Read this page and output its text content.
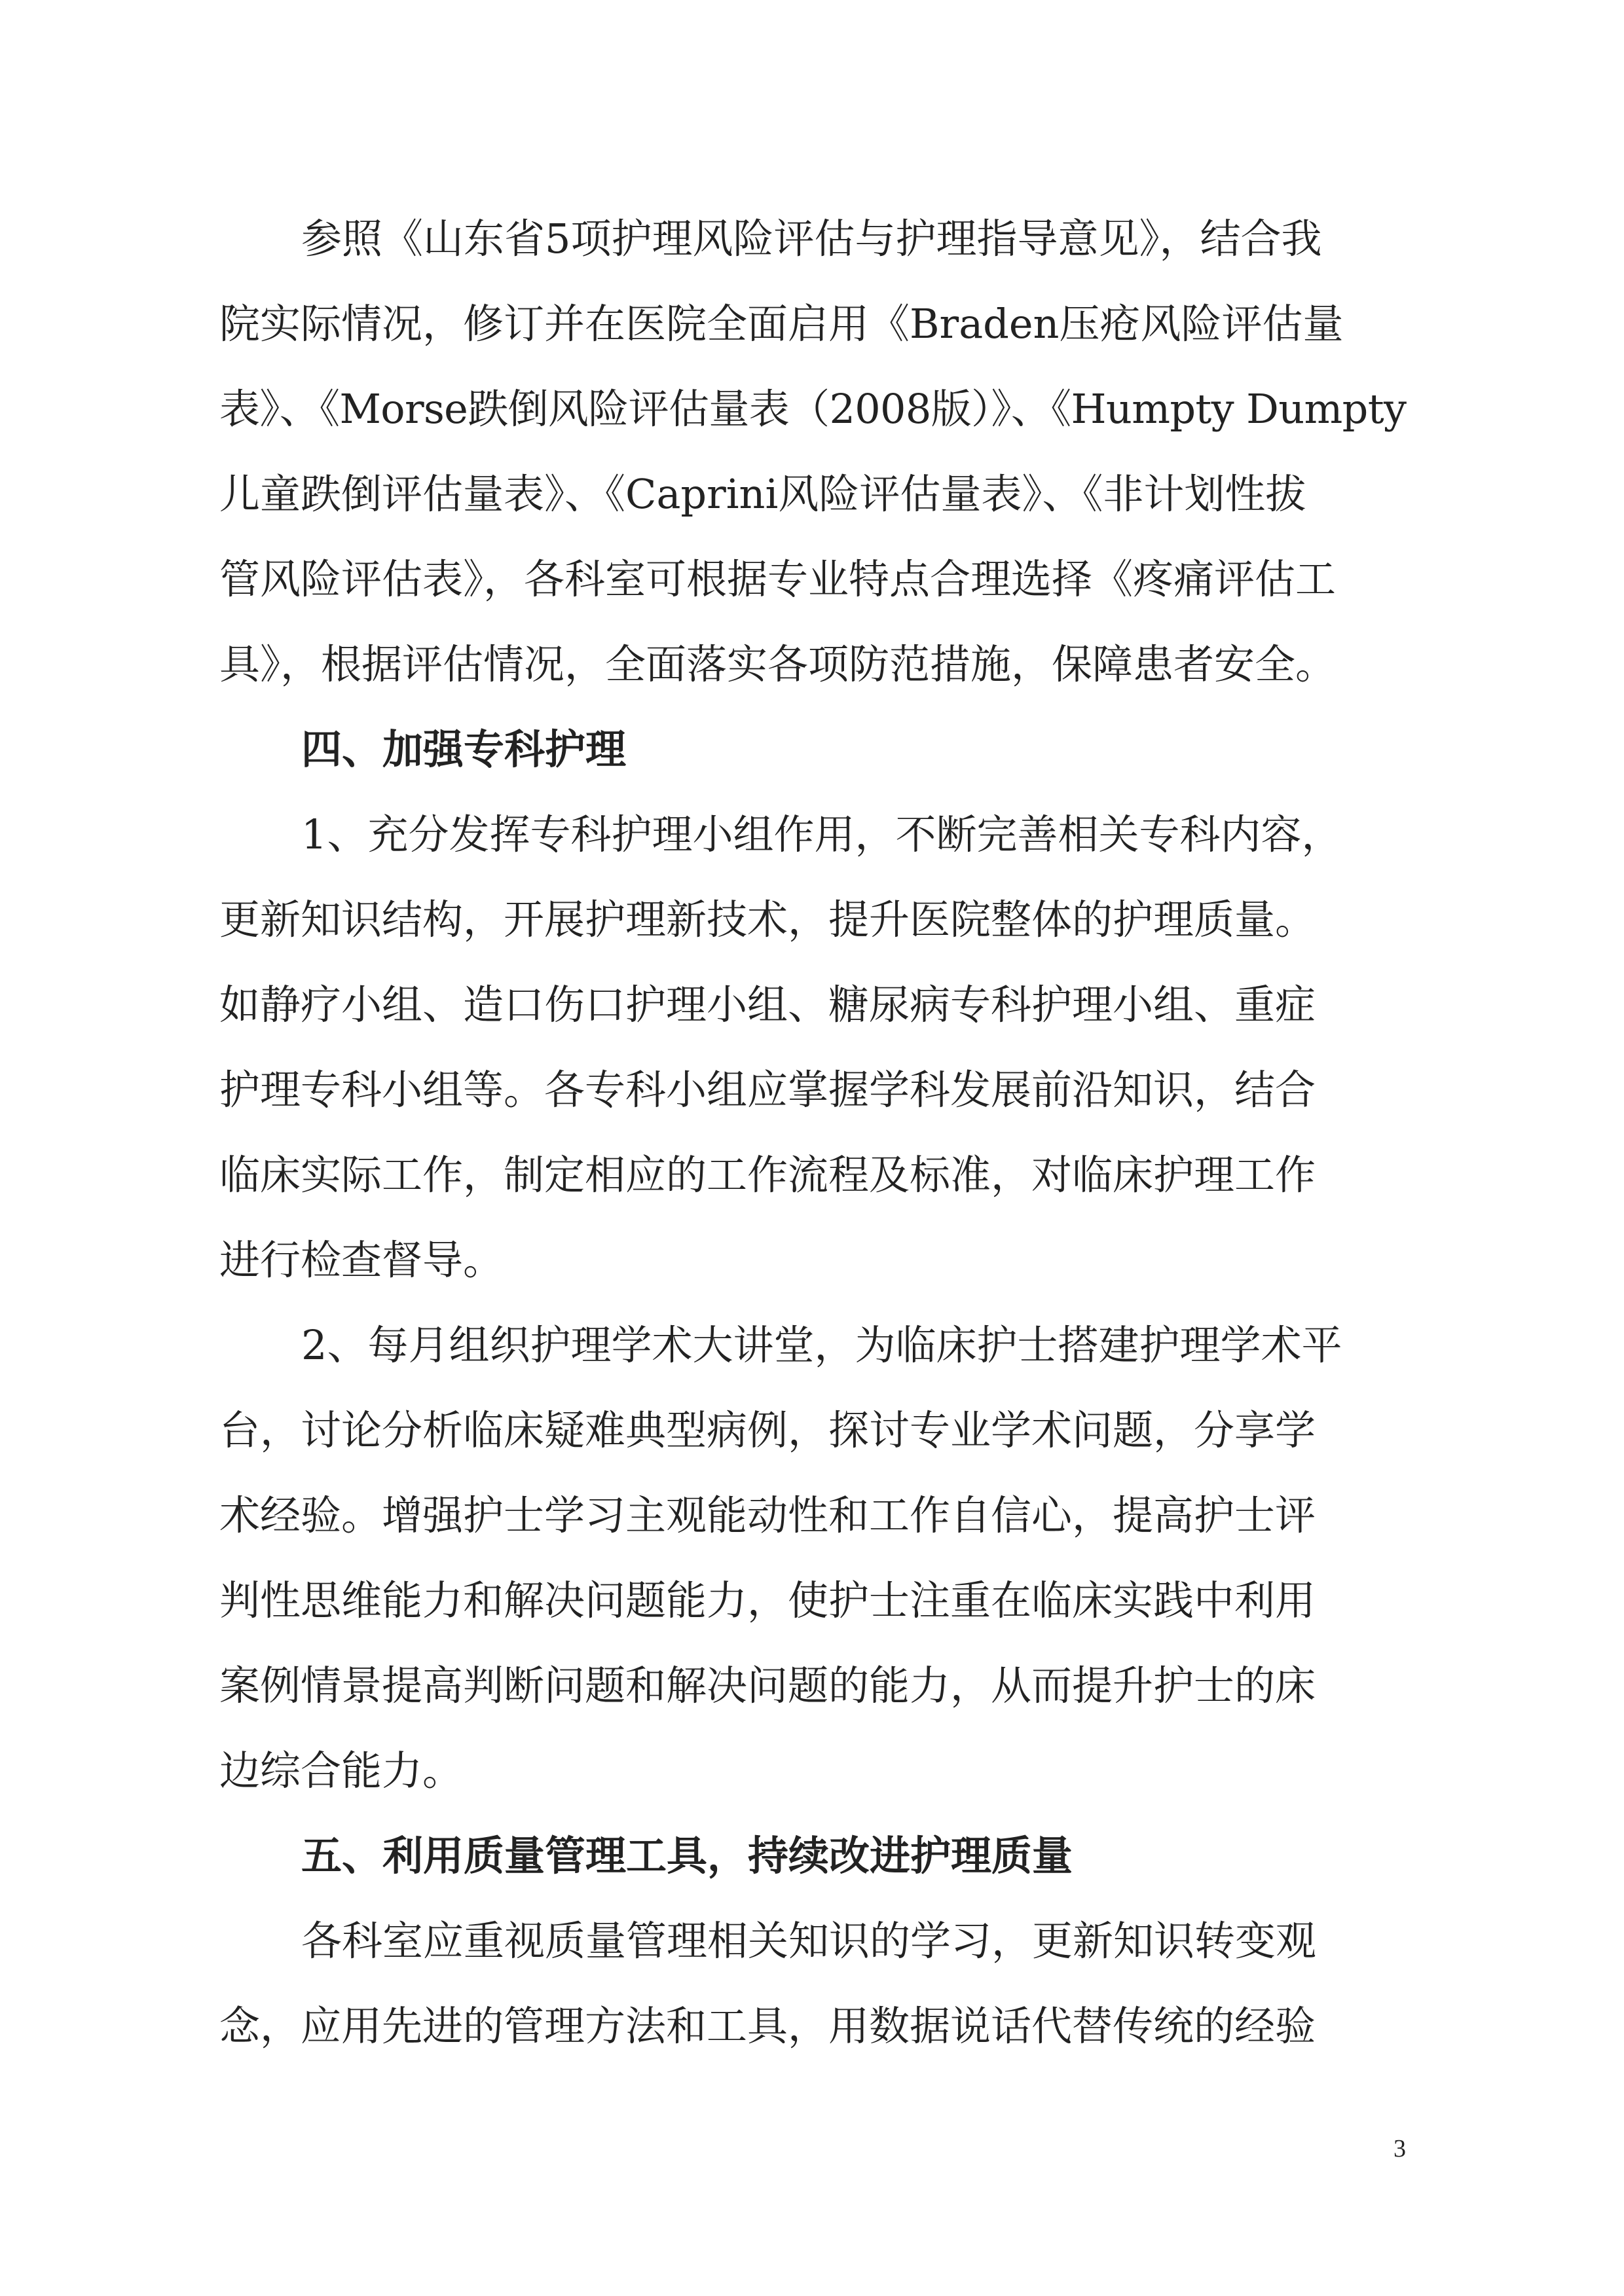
参照《山东省5项护理风险评估与护理指导意见》，结合我
院实际情况，修订并在医院全面启用《Braden压疮风险评估量
表》、《Morse跌倒风险评估量表（2008版）》、《Humpty Dumpty
儿童跌倒评估量表》、《Caprini风险评估量表》、《非计划性拔
管风险评估表》，各科室可根据专业特点合理选择《疼痛评估工
具》，根据评估情况，全面落实各项防范措施，保障患者安全。
四、加强专科护理
1、充分发挥专科护理小组作用，不断完善相关专科内容，
更新知识结构，开展护理新技术，提升医院整体的护理质量。
如静疗小组、造口伤口护理小组、糖尿病专科护理小组、重症
护理专科小组等。各专科小组应掌握学科发展前沿知识，结合
临床实际工作，制定相应的工作流程及标准，对临床护理工作
进行检查督导。
2、每月组织护理学术大讲堂，为临床护士搭建护理学术平
台，讨论分析临床疑难典型病例，探讨专业学术问题，分享学
术经验。增强护士学习主观能动性和工作自信心，提高护士评
判性思维能力和解决问题能力，使护士注重在临床实践中利用
案例情景提高判断问题和解决问题的能力，从而提升护士的床
边综合能力。
五、利用质量管理工具，持续改进护理质量
各科室应重视质量管理相关知识的学习，更新知识转变观
念，应用先进的管理方法和工具，用数据说话代替传统的经验
3
